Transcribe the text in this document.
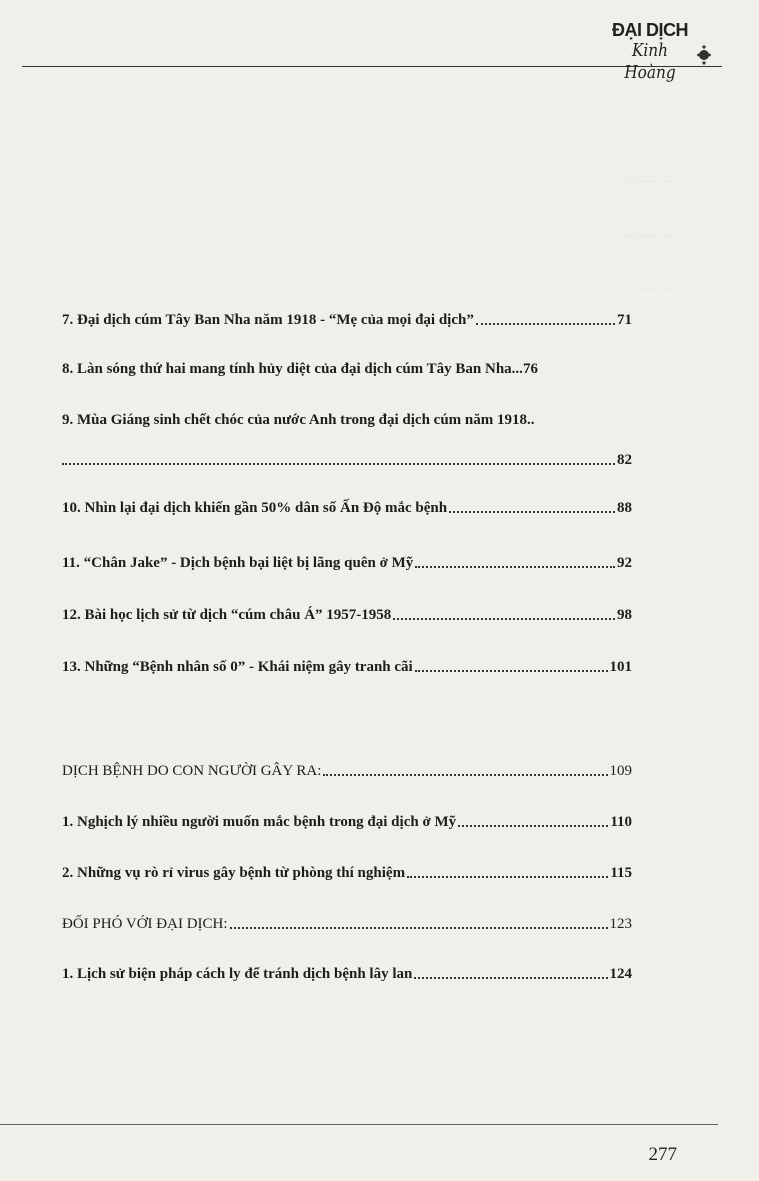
··········
··········
··········
ĐẠI DỊCH
Kinh Hoàng
7. Đại dịch cúm Tây Ban Nha năm 1918 - “Mẹ của mọi đại dịch”	71
8. Làn sóng thứ hai mang tính hủy diệt của đại dịch cúm Tây Ban Nha... 76
9. Mùa Giáng sinh chết chóc của nước Anh trong đại dịch cúm năm 1918..
82
10. Nhìn lại đại dịch khiến gần 50% dân số Ấn Độ mắc bệnh	88
11. “Chân Jake” - Dịch bệnh bại liệt bị lãng quên ở Mỹ	92
12. Bài học lịch sử từ dịch “cúm châu Á” 1957-1958	98
13. Những “Bệnh nhân số 0” - Khái niệm gây tranh cãi	101
DỊCH BỆNH DO CON NGƯỜI GÂY RA:	109
1. Nghịch lý nhiều người muốn mắc bệnh trong đại dịch ở Mỹ	110
2. Những vụ rò rỉ virus gây bệnh từ phòng thí nghiệm	115
ĐỐI PHÓ VỚI ĐẠI DỊCH:	123
1. Lịch sử biện pháp cách ly để tránh dịch bệnh lây lan	124
277
